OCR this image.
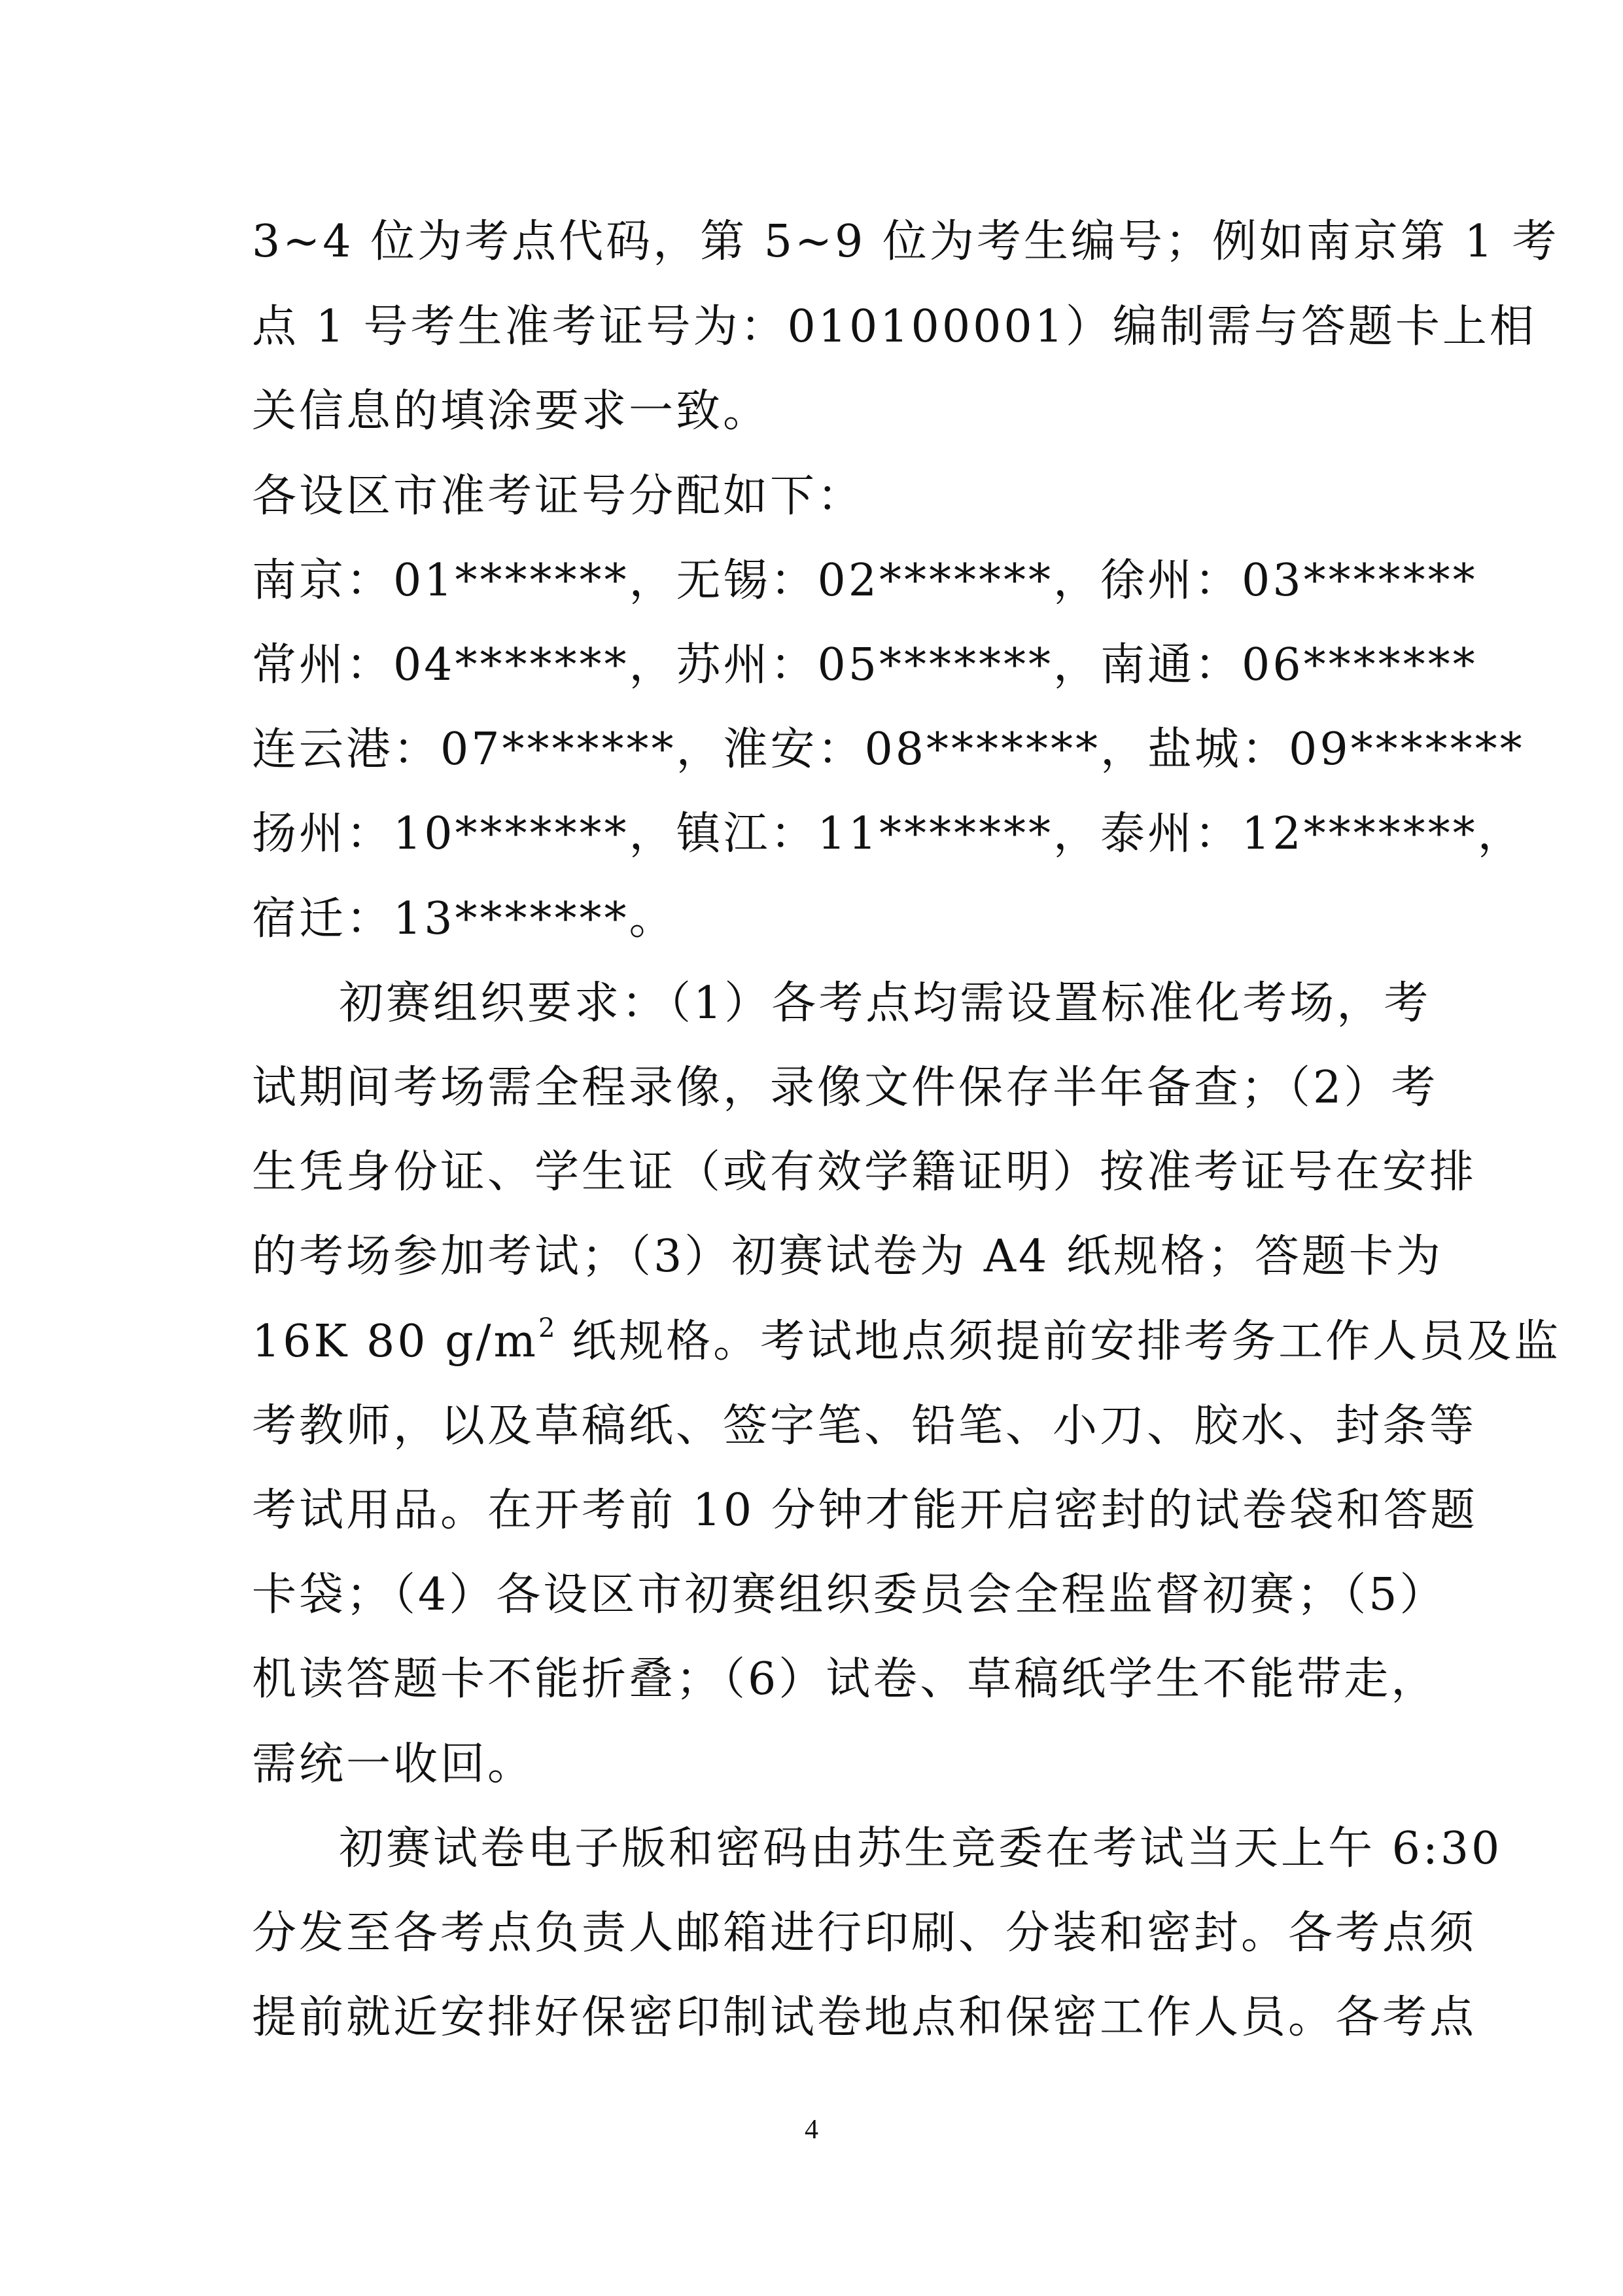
3~4 位为考点代码，第 5~9 位为考生编号；例如南京第 1 考
点 1 号考生准考证号为：010100001）编制需与答题卡上相
关信息的填涂要求一致。
各设区市准考证号分配如下：
南京：01*******，无锡：02*******，徐州：03*******
常州：04*******，苏州：05*******，南通：06*******
连云港：07*******，淮安：08*******，盐城：09*******
扬州：10*******，镇江：11*******，泰州：12*******，
宿迁：13*******。
初赛组织要求：（1）各考点均需设置标准化考场，考
试期间考场需全程录像，录像文件保存半年备查；（2）考
生凭身份证、学生证（或有效学籍证明）按准考证号在安排
的考场参加考试；（3）初赛试卷为 A4 纸规格；答题卡为
16K 80 $g/m^2$ 纸规格。考试地点须提前安排考务工作人员及监
考教师，以及草稿纸、签字笔、铅笔、小刀、胶水、封条等
考试用品。在开考前 10 分钟才能开启密封的试卷袋和答题
卡袋；（4）各设区市初赛组织委员会全程监督初赛；（5）
机读答题卡不能折叠；（6）试卷、草稿纸学生不能带走，
需统一收回。
初赛试卷电子版和密码由苏生竞委在考试当天上午 6:30
分发至各考点负责人邮箱进行印刷、分装和密封。各考点须
提前就近安排好保密印制试卷地点和保密工作人员。各考点
4
